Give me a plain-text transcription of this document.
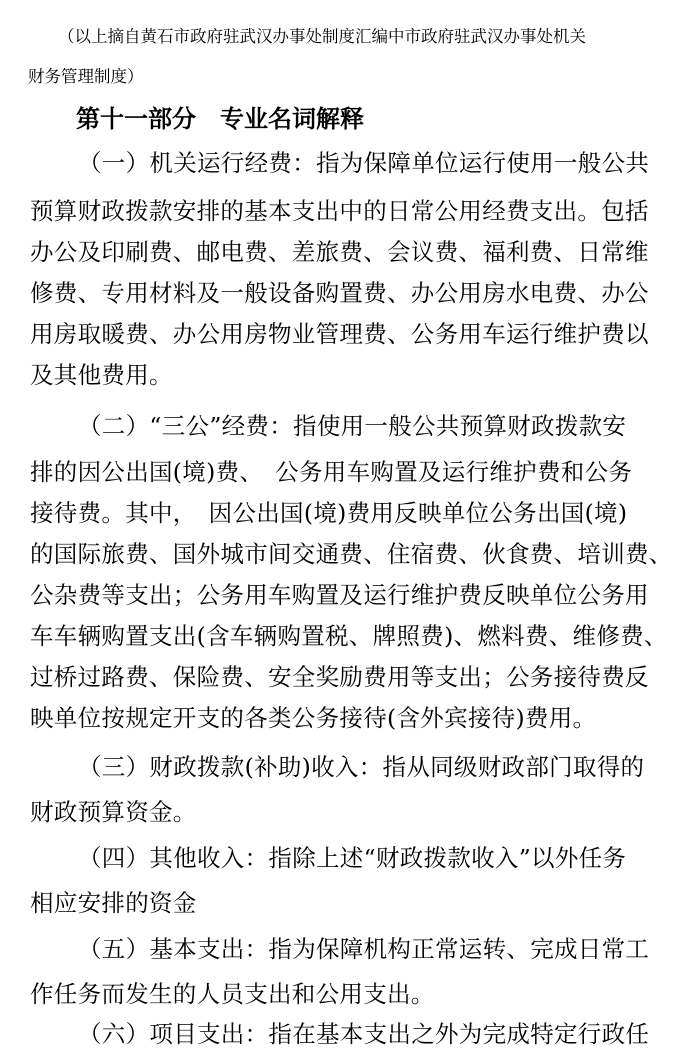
（以上摘自黄石市政府驻武汉办事处制度汇编中市政府驻武汉办事处机关
财务管理制度）
第十一部分　专业名词解释
（一）机关运行经费：指为保障单位运行使用一般公共
预算财政拨款安排的基本支出中的日常公用经费支出。包括
办公及印刷费、邮电费、差旅费、会议费、福利费、日常维
修费、专用材料及一般设备购置费、办公用房水电费、办公
用房取暖费、办公用房物业管理费、公务用车运行维护费以
及其他费用。
（二）“三公”经费：指使用一般公共预算财政拨款安
排的因公出国(境)费、　公务用车购置及运行维护费和公务
接待费。其中，　因公出国(境)费用反映单位公务出国(境)
的国际旅费、国外城市间交通费、住宿费、伙食费、培训费、
公杂费等支出；公务用车购置及运行维护费反映单位公务用
车车辆购置支出(含车辆购置税、牌照费)、燃料费、维修费、
过桥过路费、保险费、安全奖励费用等支出；公务接待费反
映单位按规定开支的各类公务接待(含外宾接待)费用。
（三）财政拨款(补助)收入：指从同级财政部门取得的
财政预算资金。
（四）其他收入：指除上述“财政拨款收入”以外任务
相应安排的资金
（五）基本支出：指为保障机构正常运转、完成日常工
作任务而发生的人员支出和公用支出。
（六）项目支出：指在基本支出之外为完成特定行政任
